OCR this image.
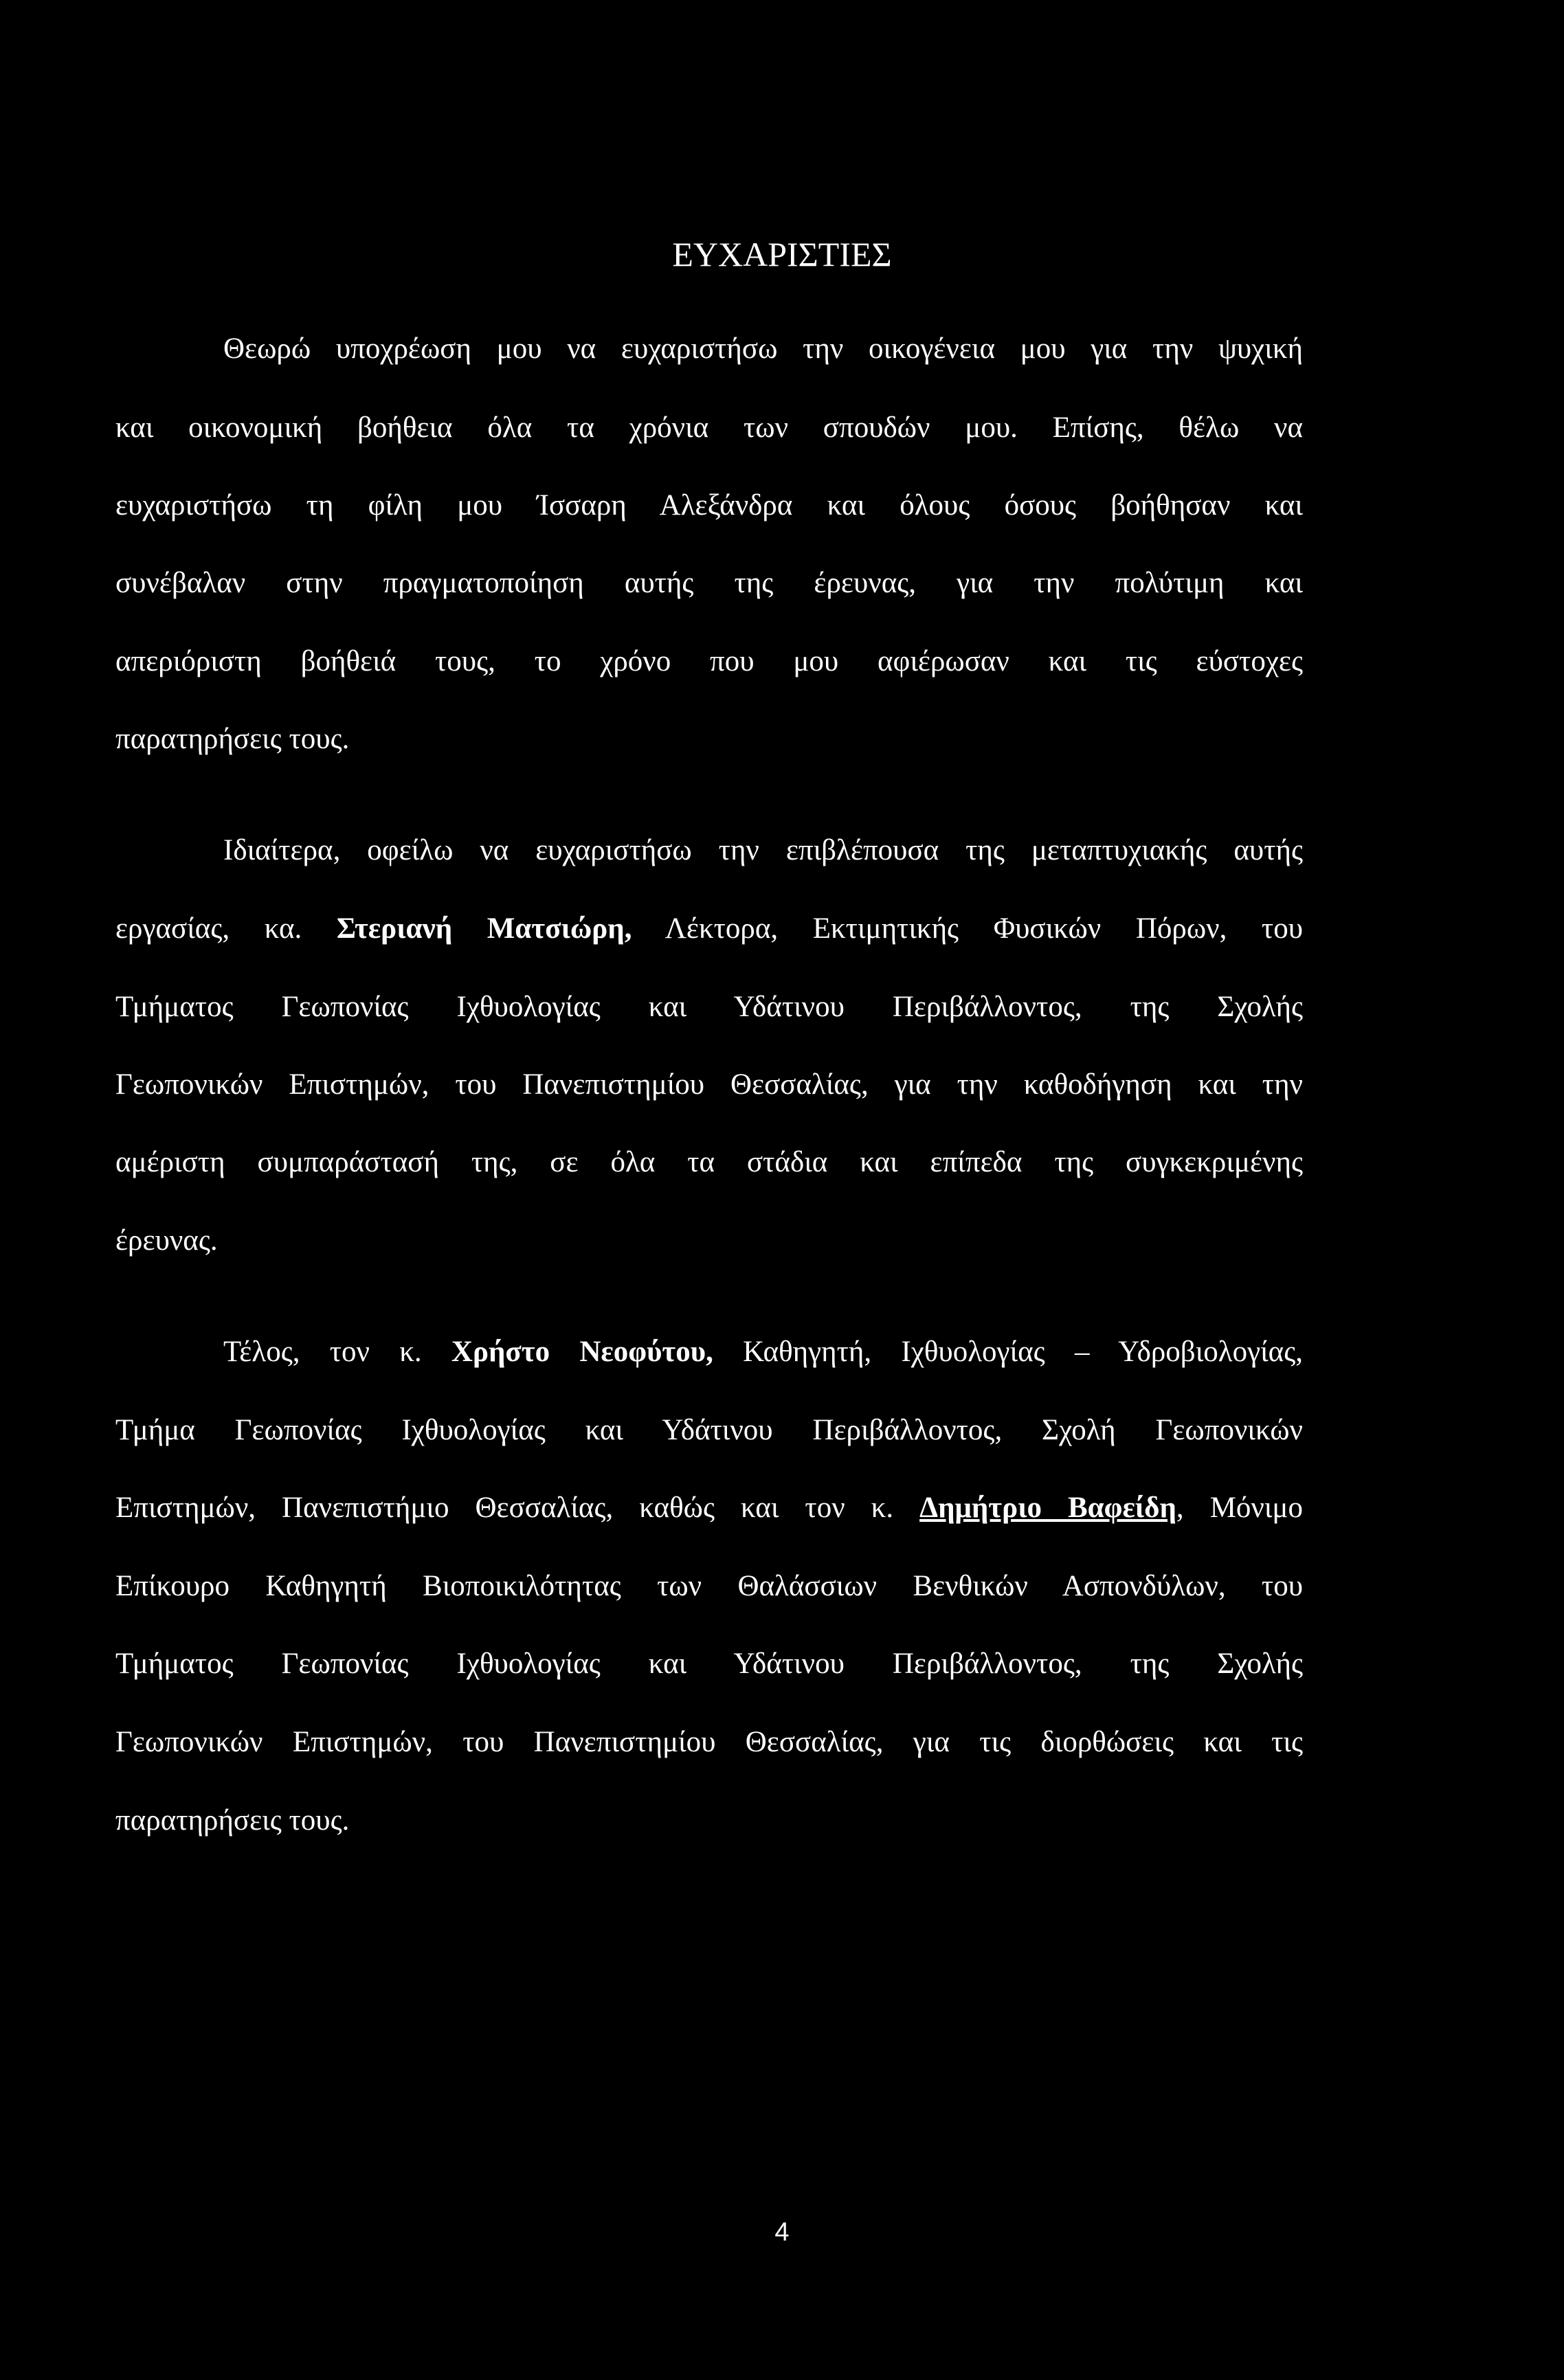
ΕΥΧΑΡΙΣΤΙΕΣ
Θεωρώ υποχρέωση μου να ευχαριστήσω την οικογένεια μου για την ψυχική
και οικονομική βοήθεια όλα τα χρόνια των σπουδών μου. Επίσης, θέλω να
ευχαριστήσω τη φίλη μου Ίσσαρη Αλεξάνδρα και όλους όσους βοήθησαν και
συνέβαλαν στην πραγματοποίηση αυτής της έρευνας, για την πολύτιμη και
απεριόριστη βοήθειά τους, το χρόνο που μου αφιέρωσαν και τις εύστοχες
παρατηρήσεις τους.
Ιδιαίτερα, οφείλω να ευχαριστήσω την επιβλέπουσα της μεταπτυχιακής αυτής
εργασίας, κα. Στεριανή Ματσιώρη, Λέκτορα, Εκτιμητικής Φυσικών Πόρων, του
Τμήματος Γεωπονίας Ιχθυολογίας και Υδάτινου Περιβάλλοντος, της Σχολής
Γεωπονικών Επιστημών, του Πανεπιστημίου Θεσσαλίας, για την καθοδήγηση και την
αμέριστη συμπαράστασή της, σε όλα τα στάδια και επίπεδα της συγκεκριμένης
έρευνας.
Τέλος, τον κ. Χρήστο Νεοφύτου, Καθηγητή, Ιχθυολογίας – Υδροβιολογίας,
Τμήμα Γεωπονίας Ιχθυολογίας και Υδάτινου Περιβάλλοντος, Σχολή Γεωπονικών
Επιστημών, Πανεπιστήμιο Θεσσαλίας, καθώς και τον κ. Δημήτριο Βαφείδη, Μόνιμο
Επίκουρο Καθηγητή Βιοποικιλότητας των Θαλάσσιων Βενθικών Ασπονδύλων, του
Τμήματος Γεωπονίας Ιχθυολογίας και Υδάτινου Περιβάλλοντος, της Σχολής
Γεωπονικών Επιστημών, του Πανεπιστημίου Θεσσαλίας, για τις διορθώσεις και τις
παρατηρήσεις τους.
4
